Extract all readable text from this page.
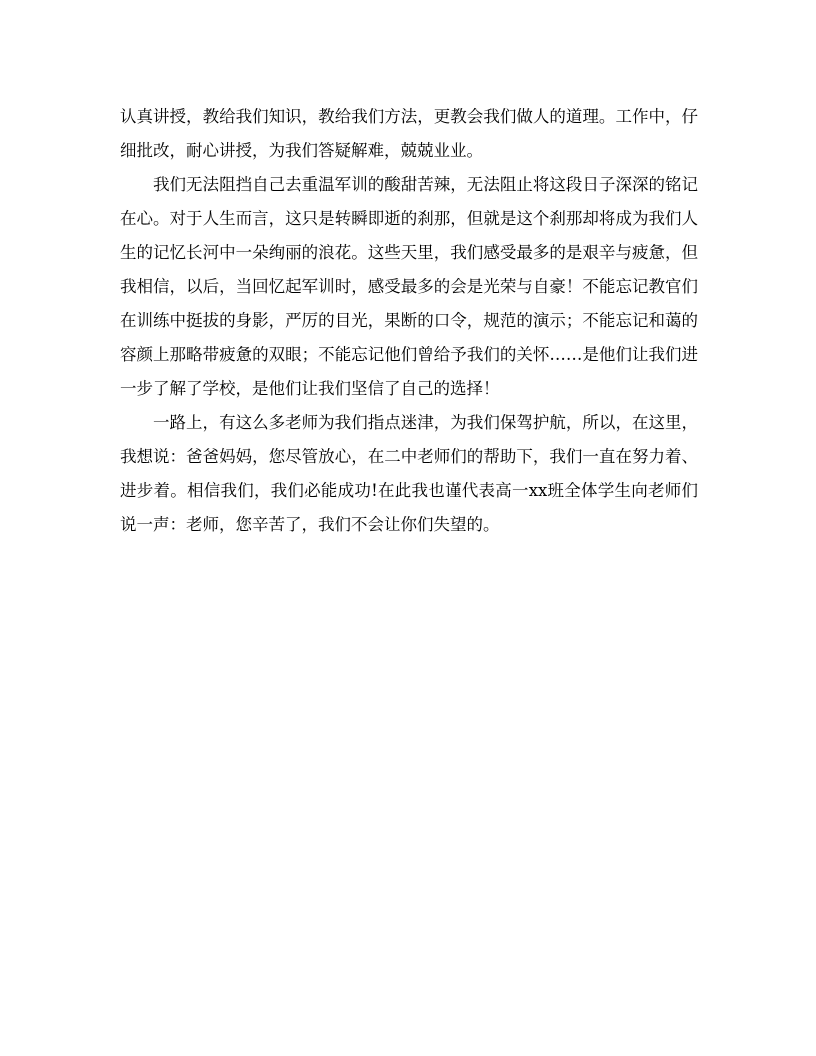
认真讲授，教给我们知识，教给我们方法，更教会我们做人的道理。工作中，仔细批改，耐心讲授，为我们答疑解难，兢兢业业。

我们无法阻挡自己去重温军训的酸甜苦辣，无法阻止将这段日子深深的铭记在心。对于人生而言，这只是转瞬即逝的刹那，但就是这个刹那却将成为我们人生的记忆长河中一朵绚丽的浪花。这些天里，我们感受最多的是艰辛与疲惫，但我相信，以后，当回忆起军训时，感受最多的会是光荣与自豪！不能忘记教官们在训练中挺拔的身影，严厉的目光，果断的口令，规范的演示；不能忘记和蔼的容颜上那略带疲惫的双眼；不能忘记他们曾给予我们的关怀……是他们让我们进一步了解了学校，是他们让我们坚信了自己的选择！

一路上，有这么多老师为我们指点迷津，为我们保驾护航，所以，在这里，我想说：爸爸妈妈，您尽管放心，在二中老师们的帮助下，我们一直在努力着、进步着。相信我们，我们必能成功!在此我也谨代表高一xx班全体学生向老师们说一声：老师，您辛苦了，我们不会让你们失望的。
